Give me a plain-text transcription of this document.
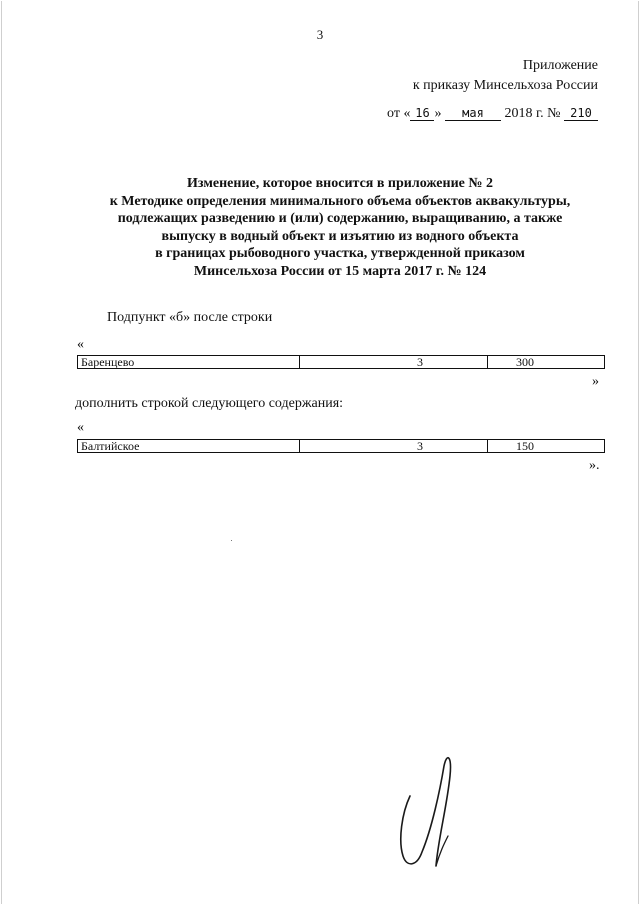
3
Приложение
к приказу Минсельхоза России
от « 16 » мая 2018 г. № 210
Изменение, которое вносится в приложение № 2
к Методике определения минимального объема объектов аквакультуры,
подлежащих разведению и (или) содержанию, выращиванию, а также
выпуску в водный объект и изъятию из водного объекта
в границах рыбоводного участка, утвержденной приказом
Минсельхоза России от 15 марта 2017 г. № 124
Подпункт «б» после строки
«
Баренцево	3	300
»
дополнить строкой следующего содержания:
«
Балтийское	3	150
».
